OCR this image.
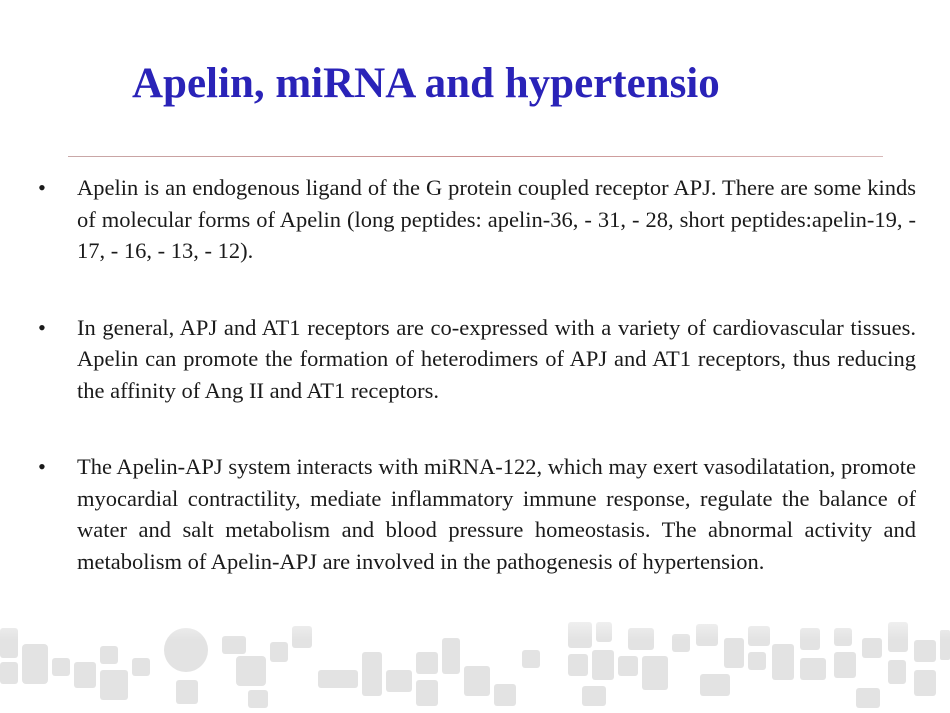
Apelin, miRNA and hypertensio
• Apelin is an endogenous ligand of the G protein coupled receptor APJ. There are some kinds of molecular forms of Apelin (long peptides: apelin-36, - 31, - 28, short peptides:apelin-19, - 17, - 16, - 13, - 12).
• In general, APJ and AT1 receptors are co-expressed with a variety of cardiovascular tissues. Apelin can promote the formation of heterodimers of APJ and AT1 receptors, thus reducing the affinity of Ang II and AT1 receptors.
• The Apelin-APJ system interacts with miRNA-122, which may exert vasodilatation, promote myocardial contractility, mediate inflammatory immune response, regulate the balance of water and salt metabolism and blood pressure homeostasis. The abnormal activity and metabolism of Apelin-APJ are involved in the pathogenesis of hypertension.
